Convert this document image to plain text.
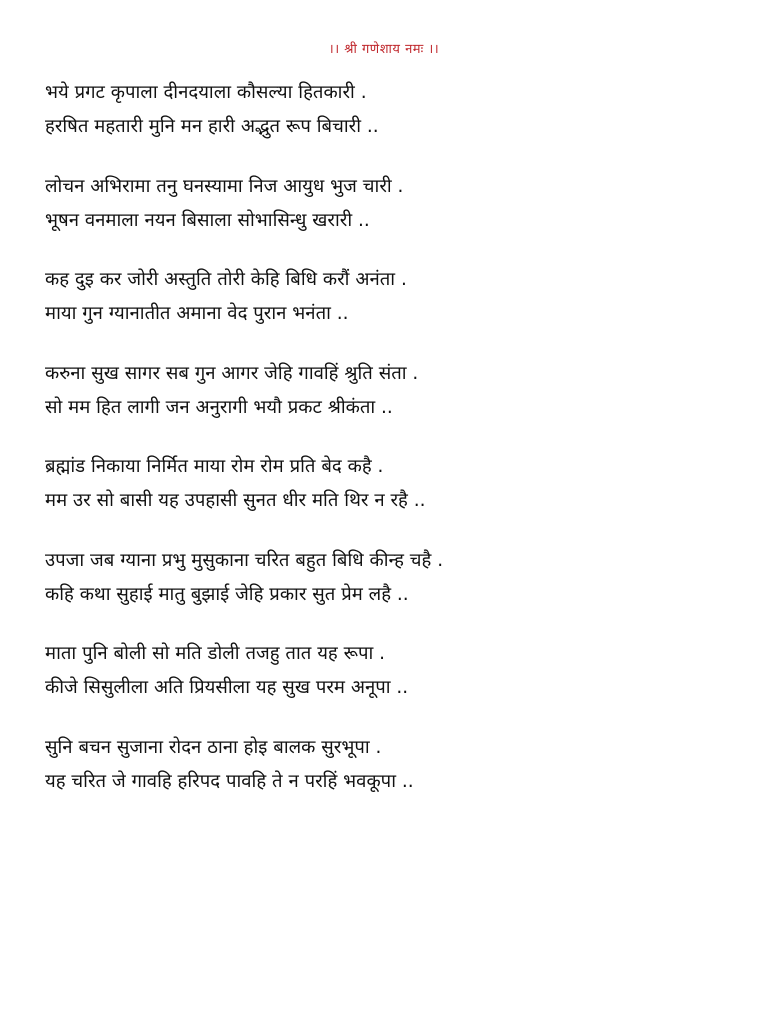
।। श्री गणेशाय नमः ।।
भये प्रगट कृपाला दीनदयाला कौसल्या हितकारी .
हरषित महतारी मुनि मन हारी अद्भुत रूप बिचारी ..
लोचन अभिरामा तनु घनस्यामा निज आयुध भुज चारी .
भूषन वनमाला नयन बिसाला सोभासिन्धु खरारी ..
कह दुइ कर जोरी अस्तुति तोरी केहि बिधि करौं अनंता .
माया गुन ग्यानातीत अमाना वेद पुरान भनंता ..
करुना सुख सागर सब गुन आगर जेहि गावहिं श्रुति संता .
सो मम हित लागी जन अनुरागी भयौ प्रकट श्रीकंता ..
ब्रह्मांड निकाया निर्मित माया रोम रोम प्रति बेद कहै .
मम उर सो बासी यह उपहासी सुनत धीर मति थिर न रहै ..
उपजा जब ग्याना प्रभु मुसुकाना चरित बहुत बिधि कीन्ह चहै .
कहि कथा सुहाई मातु बुझाई जेहि प्रकार सुत प्रेम लहै ..
माता पुनि बोली सो मति डोली तजहु तात यह रूपा .
कीजे सिसुलीला अति प्रियसीला यह सुख परम अनूपा ..
सुनि बचन सुजाना रोदन ठाना होइ बालक सुरभूपा .
यह चरित जे गावहि हरिपद पावहि ते न परहिं भवकूपा ..
